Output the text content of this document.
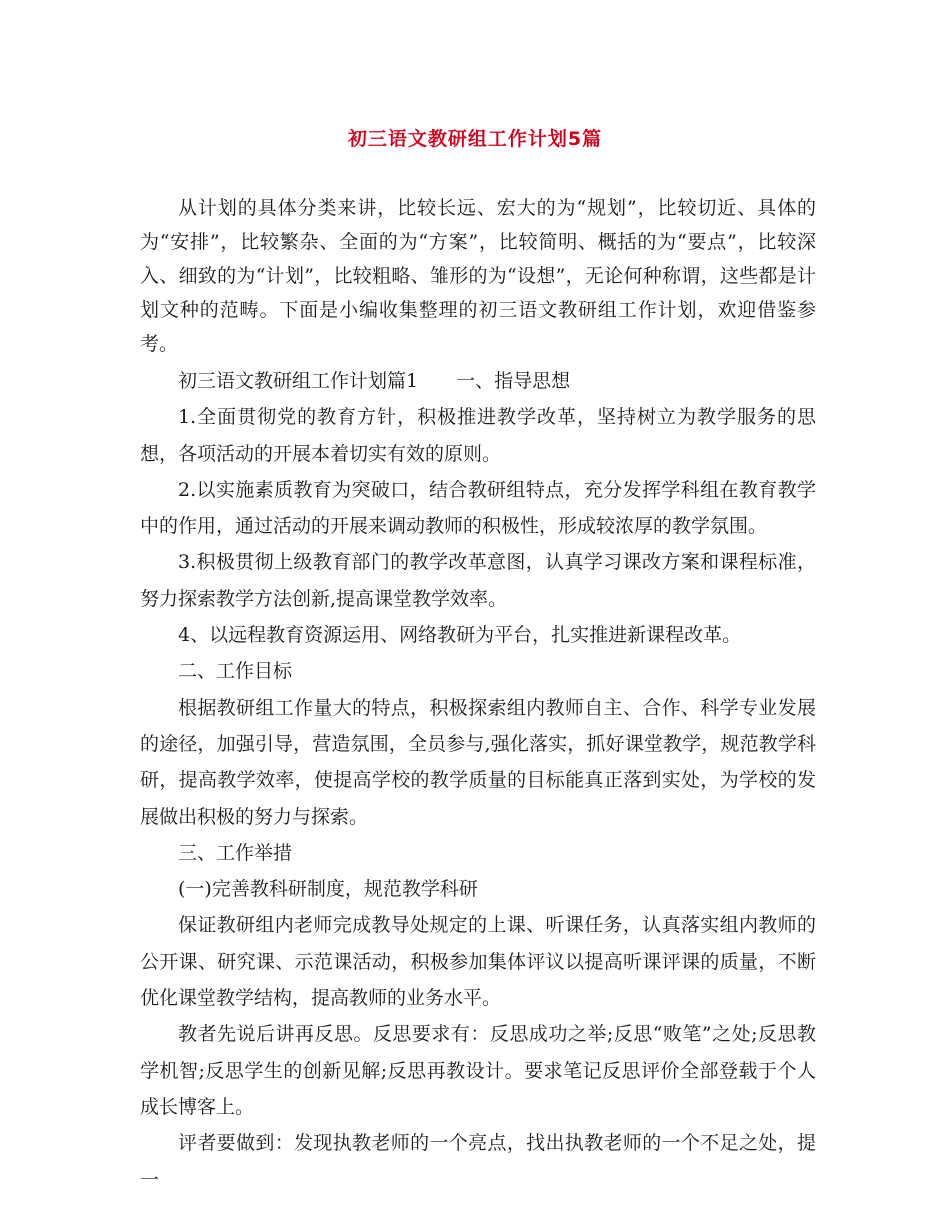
初三语文教研组工作计划5篇

从计划的具体分类来讲，比较长远、宏大的为“规划”，比较切近、具体的为“安排”，比较繁杂、全面的为“方案”，比较简明、概括的为“要点”，比较深入、细致的为“计划”，比较粗略、雏形的为“设想”，无论何种称谓，这些都是计划文种的范畴。下面是小编收集整理的初三语文教研组工作计划，欢迎借鉴参考。

初三语文教研组工作计划篇1　　一、指导思想

1.全面贯彻党的教育方针，积极推进教学改革，坚持树立为教学服务的思想，各项活动的开展本着切实有效的原则。

2.以实施素质教育为突破口，结合教研组特点，充分发挥学科组在教育教学中的作用，通过活动的开展来调动教师的积极性，形成较浓厚的教学氛围。

3.积极贯彻上级教育部门的教学改革意图，认真学习课改方案和课程标准，努力探索教学方法创新,提高课堂教学效率。

4、以远程教育资源运用、网络教研为平台，扎实推进新课程改革。

二、工作目标

根据教研组工作量大的特点，积极探索组内教师自主、合作、科学专业发展的途径，加强引导，营造氛围，全员参与,强化落实，抓好课堂教学，规范教学科研，提高教学效率，使提高学校的教学质量的目标能真正落到实处，为学校的发展做出积极的努力与探索。

三、工作举措

(一)完善教科研制度，规范教学科研

保证教研组内老师完成教导处规定的上课、听课任务，认真落实组内教师的公开课、研究课、示范课活动，积极参加集体评议以提高听课评课的质量，不断优化课堂教学结构，提高教师的业务水平。

教者先说后讲再反思。反思要求有：反思成功之举;反思“败笔”之处;反思教学机智;反思学生的创新见解;反思再教设计。要求笔记反思评价全部登载于个人成长博客上。

评者要做到：发现执教老师的一个亮点，找出执教老师的一个不足之处，提一
